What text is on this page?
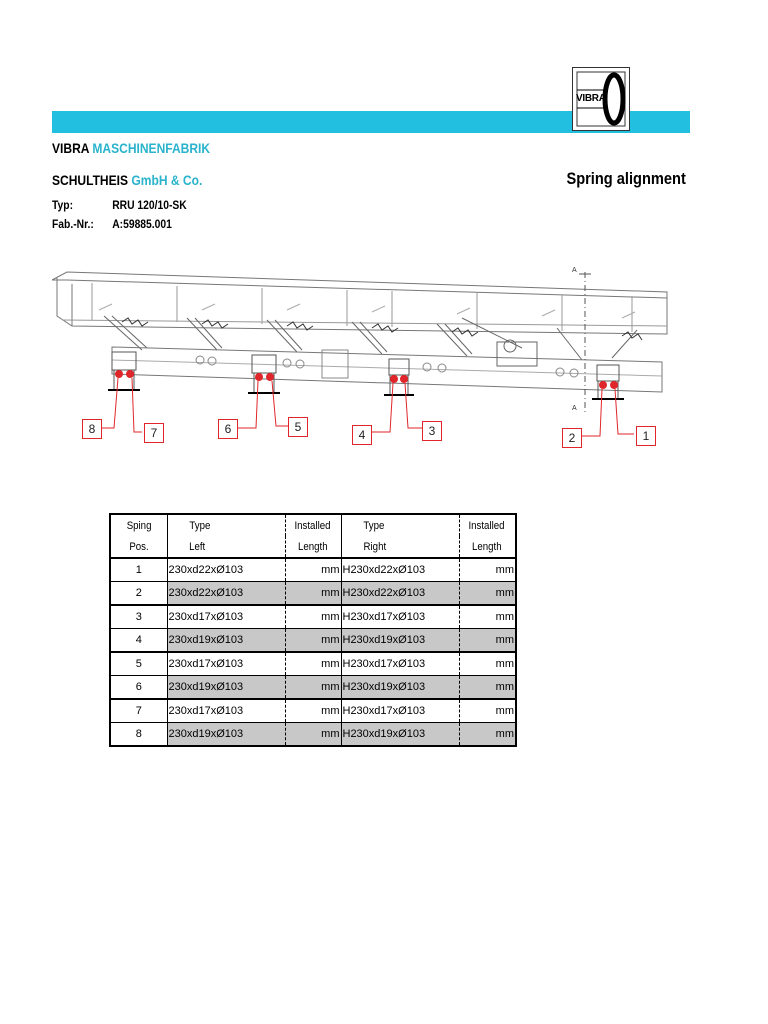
VIBRA
VIBRA MASCHINENFABRIK
SCHULTHEIS GmbH & Co.	Spring alignment
Typ:	RRU 120/10-SK
Fab.-Nr.: A:59885.001
A
A
8	7	6	5
4	3	2	1
Sping	Type	Installed	Type	Installed
Pos.	Left	Length	Right	Length
1	230xd22xØ103	mm	H230xd22xØ103	mm
2	230xd22xØ103	mm	H230xd22xØ103	mm
3	230xd17xØ103	mm	H230xd17xØ103	mm
4	230xd19xØ103	mm	H230xd19xØ103	mm
5	230xd17xØ103	mm	H230xd17xØ103	mm
6	230xd19xØ103	mm	H230xd19xØ103	mm
7	230xd17xØ103	mm	H230xd17xØ103	mm
8	230xd19xØ103	mm	H230xd19xØ103	mm
